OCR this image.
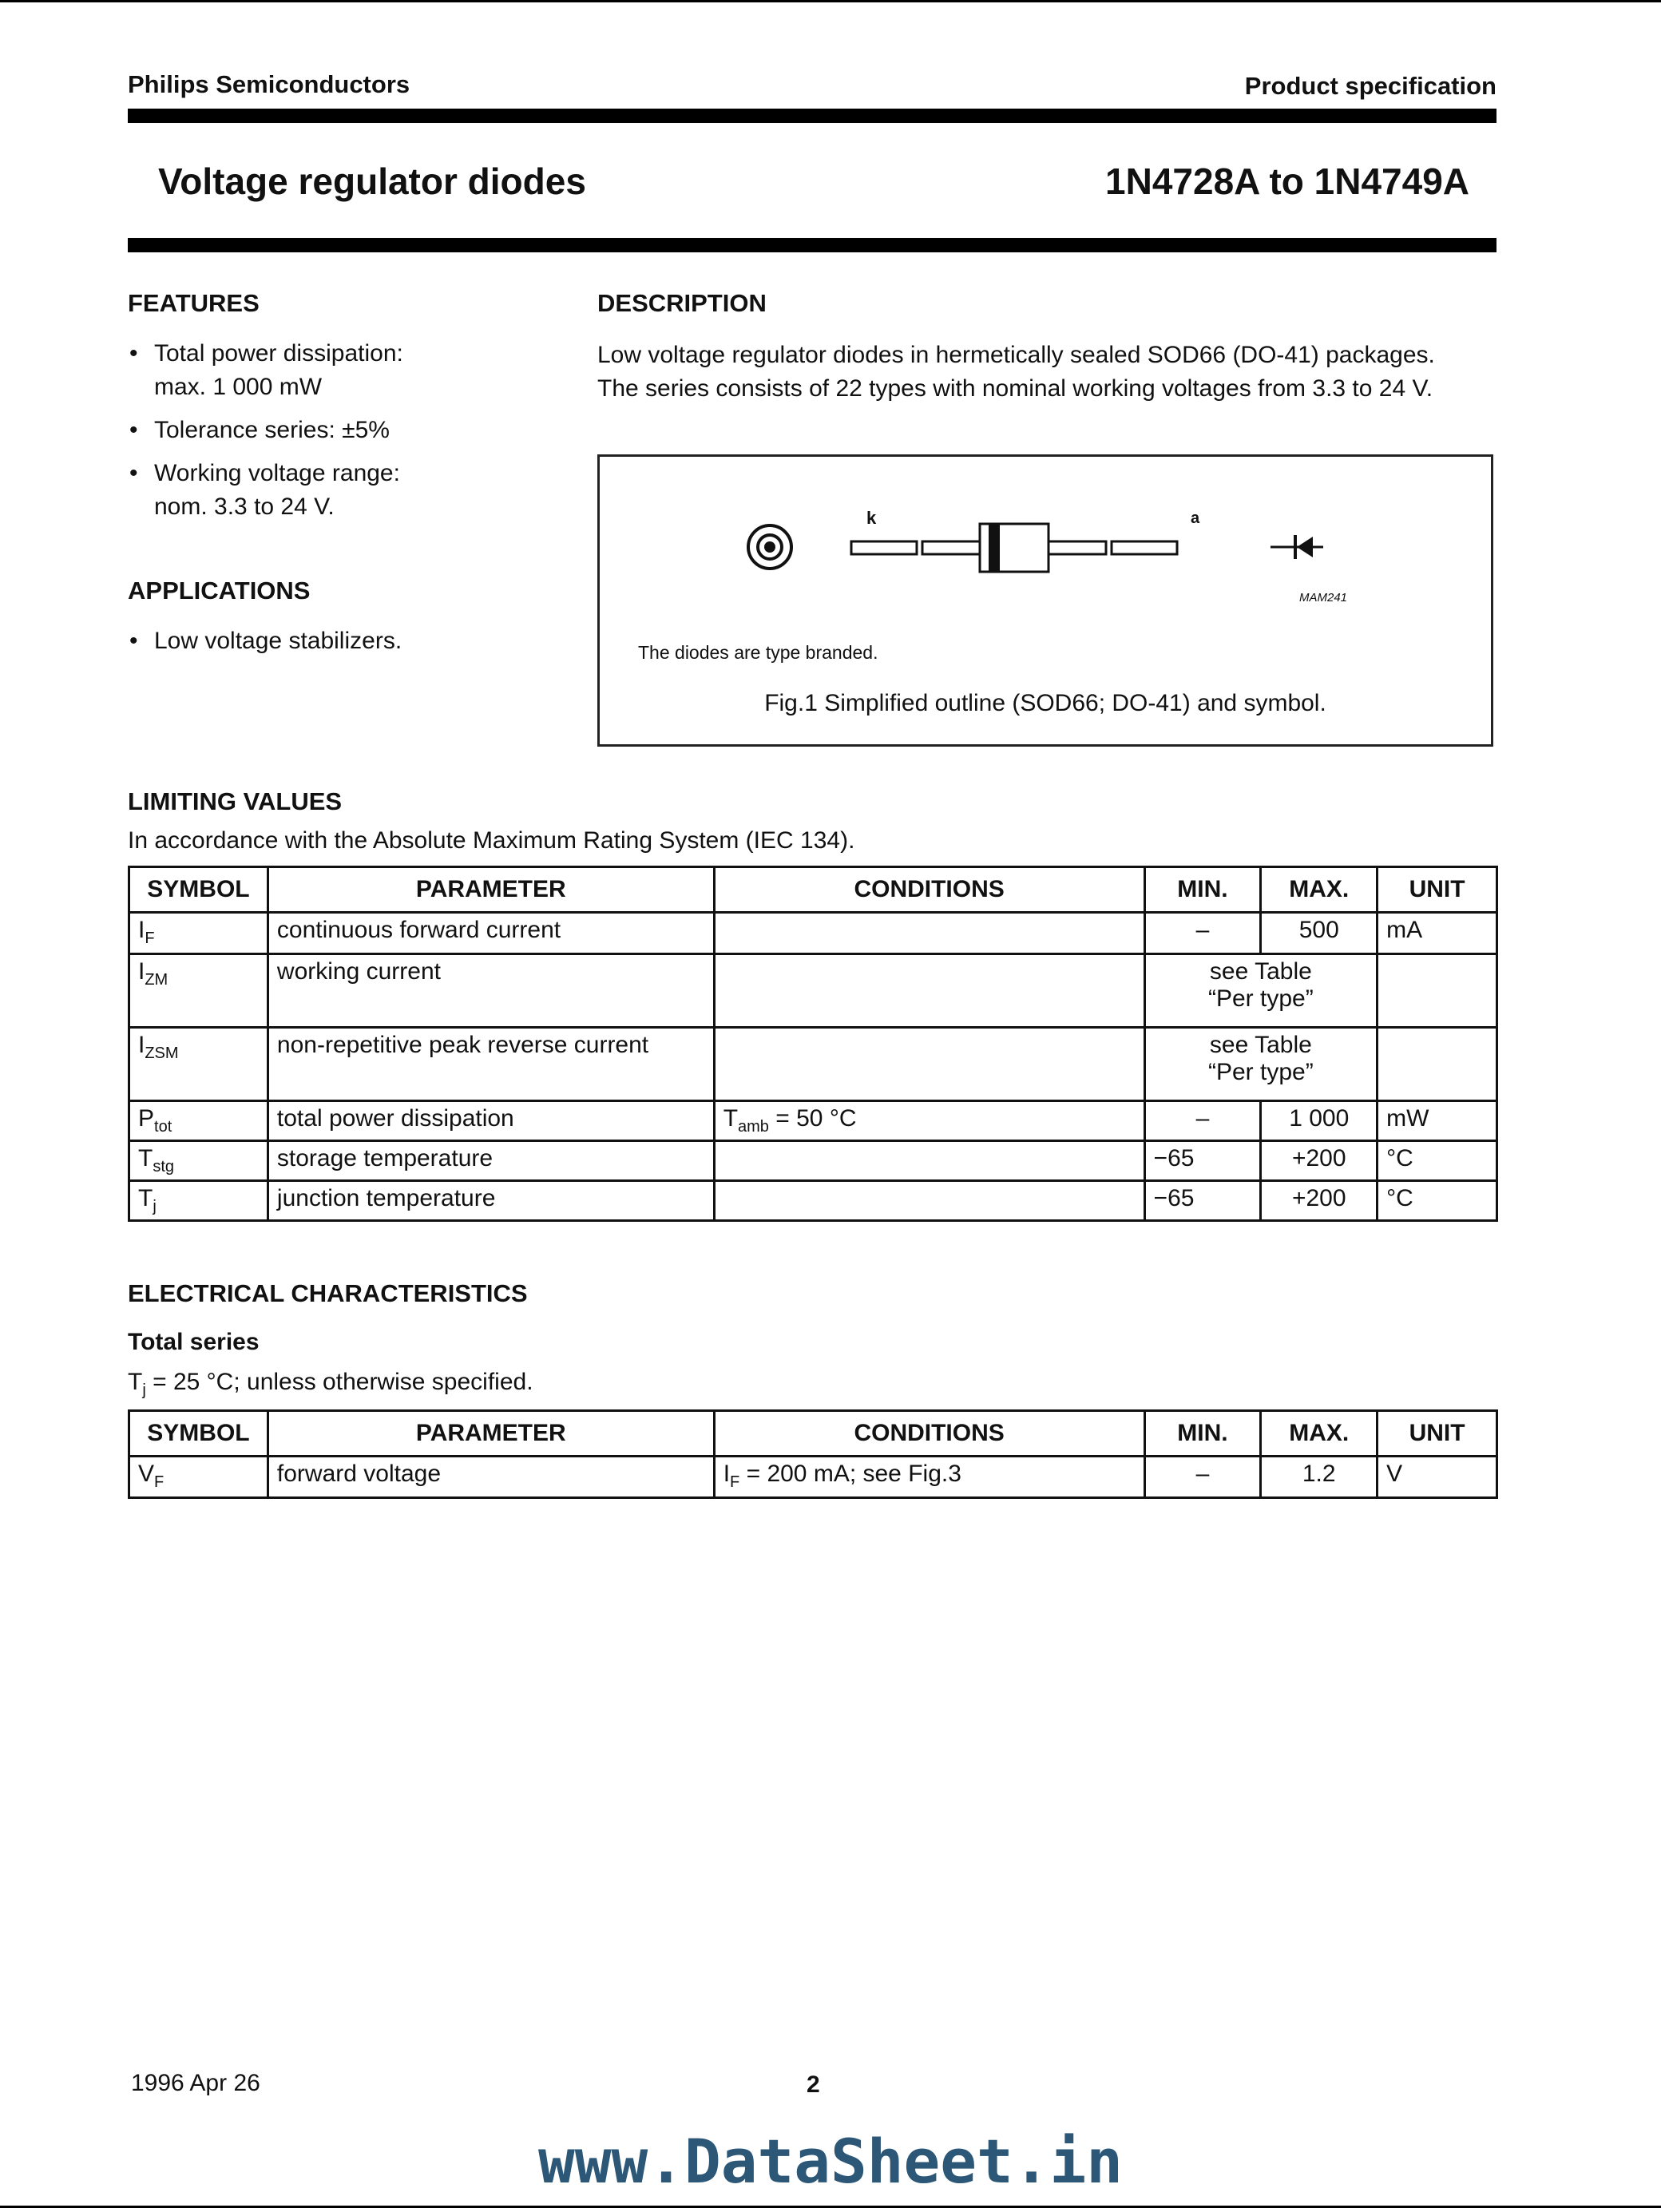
Philips Semiconductors	Product specification
Voltage regulator diodes	1N4728A to 1N4749A
FEATURES
• Total power dissipation:
max. 1 000 mW
• Tolerance series: ±5%
• Working voltage range:
nom. 3.3 to 24 V.
APPLICATIONS
• Low voltage stabilizers.
DESCRIPTION
Low voltage regulator diodes in hermetically sealed SOD66 (DO-41) packages.
The series consists of 22 types with nominal working voltages from 3.3 to 24 V.
k	a
MAM241
The diodes are type branded.
Fig.1 Simplified outline (SOD66; DO-41) and symbol.
LIMITING VALUES
In accordance with the Absolute Maximum Rating System (IEC 134).
SYMBOL	PARAMETER	CONDITIONS	MIN.	MAX.	UNIT
$I_F$	continuous forward current		–	500	mA
$I_{ZM}$	working current		see Table
“Per type”		
$I_{ZSM}$	non-repetitive peak reverse current		see Table
“Per type”		
$P_{tot}$	total power dissipation	$T_{amb} = 50$ °C	–	1 000	mW
$T_{stg}$	storage temperature		−65	+200	°C
$T_j$	junction temperature		−65	+200	°C
ELECTRICAL CHARACTERISTICS
Total series
$T_j = 25$ °C; unless otherwise specified.
SYMBOL	PARAMETER	CONDITIONS	MIN.	MAX.	UNIT
$V_F$	forward voltage	$I_F = 200$ mA; see Fig.3	–	1.2	V
1996 Apr 26	2
www.DataSheet.in
